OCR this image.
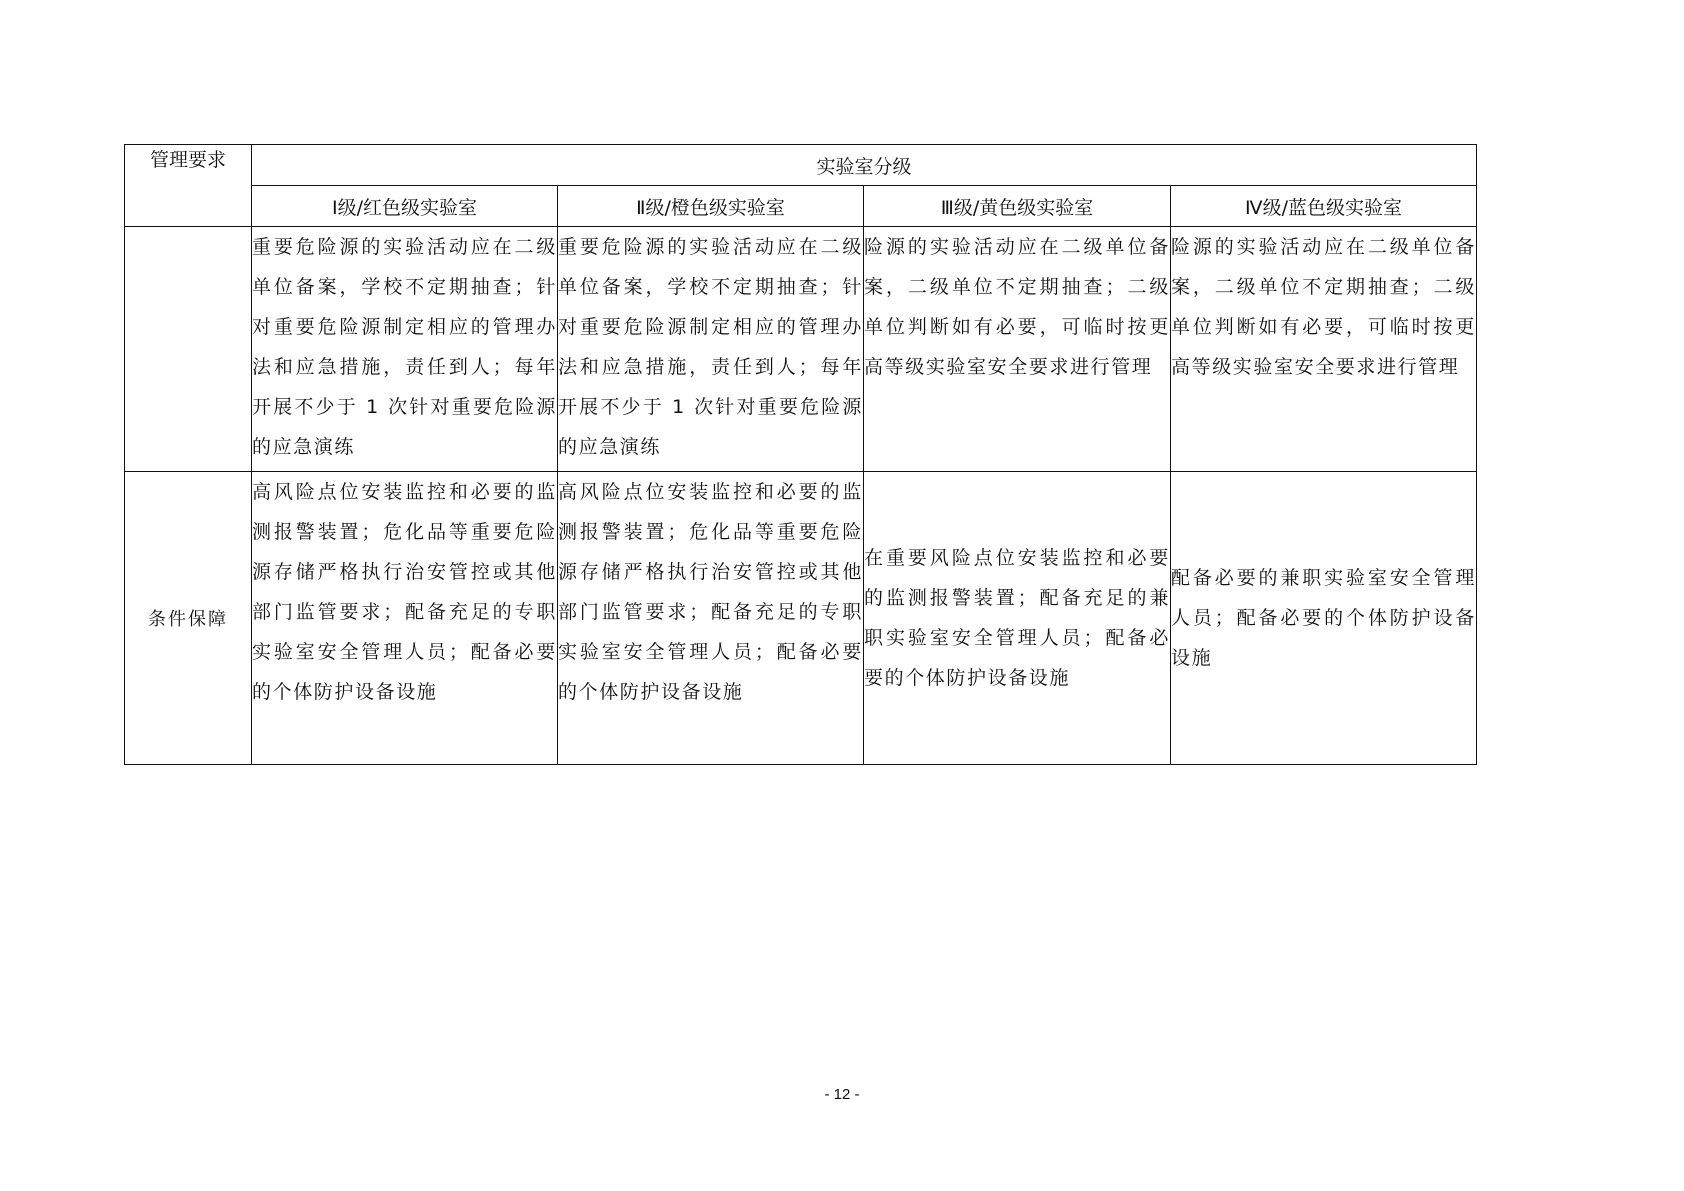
管理要求	实验室分级			
	Ⅰ级/红色级实验室	Ⅱ级/橙色级实验室	Ⅲ级/黄色级实验室	Ⅳ级/蓝色级实验室
	重要危险源的实验活动应在二级单位备案，学校不定期抽查；针对重要危险源制定相应的管理办法和应急措施，责任到人；每年开展不少于 1 次针对重要危险源的应急演练	重要危险源的实验活动应在二级单位备案，学校不定期抽查；针对重要危险源制定相应的管理办法和应急措施，责任到人；每年开展不少于 1 次针对重要危险源的应急演练	险源的实验活动应在二级单位备案，二级单位不定期抽查；二级单位判断如有必要，可临时按更高等级实验室安全要求进行管理	险源的实验活动应在二级单位备案，二级单位不定期抽查；二级单位判断如有必要，可临时按更高等级实验室安全要求进行管理
条件保障	高风险点位安装监控和必要的监测报警装置；危化品等重要危险源存储严格执行治安管控或其他部门监管要求；配备充足的专职实验室安全管理人员；配备必要的个体防护设备设施	高风险点位安装监控和必要的监测报警装置；危化品等重要危险源存储严格执行治安管控或其他部门监管要求；配备充足的专职实验室安全管理人员；配备必要的个体防护设备设施	在重要风险点位安装监控和必要的监测报警装置；配备充足的兼职实验室安全管理人员；配备必要的个体防护设备设施	配备必要的兼职实验室安全管理人员；配备必要的个体防护设备设施
- 12 -
